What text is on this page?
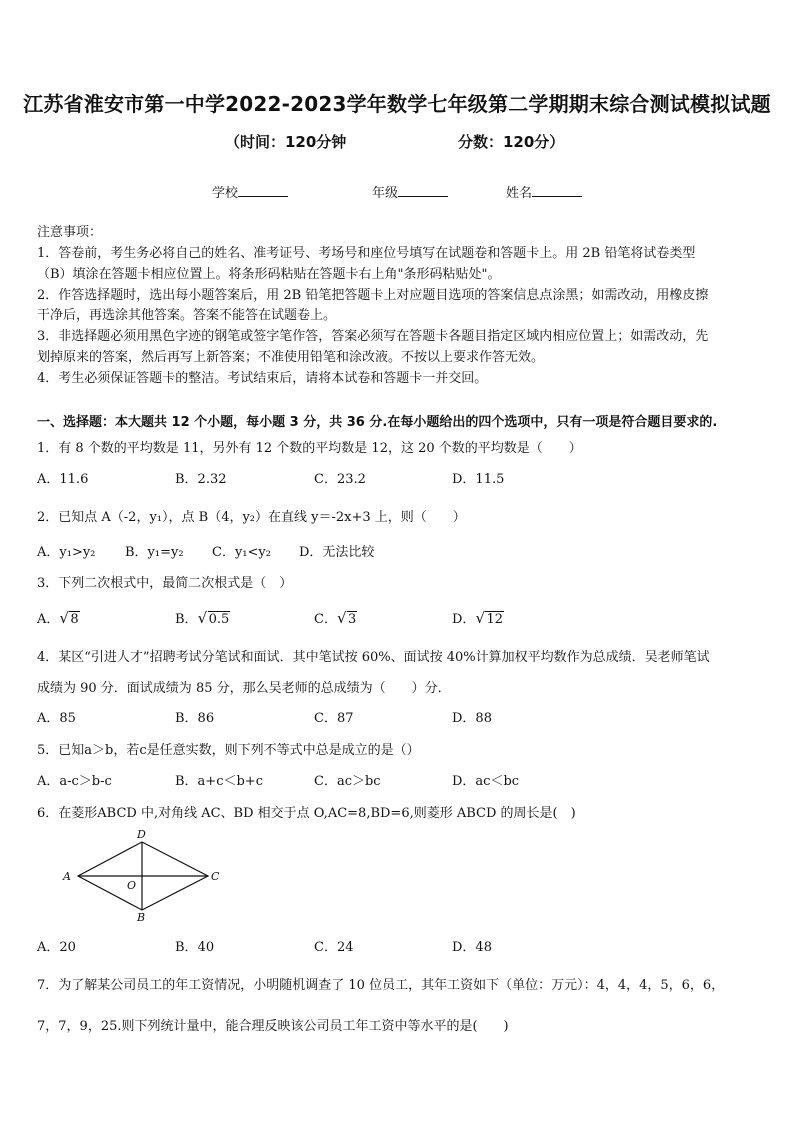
江苏省淮安市第一中学2022-2023学年数学七年级第二学期期末综合测试模拟试题
（时间：120分钟	分数：120分）
学校	年级	姓名
注意事项：
1．答卷前，考生务必将自己的姓名、准考证号、考场号和座位号填写在试题卷和答题卡上。用 2B 铅笔将试卷类型
（B）填涂在答题卡相应位置上。将条形码粘贴在答题卡右上角"条形码粘贴处"。
2．作答选择题时，选出每小题答案后，用 2B 铅笔把答题卡上对应题目选项的答案信息点涂黑；如需改动，用橡皮擦
干净后，再选涂其他答案。答案不能答在试题卷上。
3．非选择题必须用黑色字迹的钢笔或签字笔作答，答案必须写在答题卡各题目指定区域内相应位置上；如需改动，先
划掉原来的答案，然后再写上新答案；不准使用铅笔和涂改液。不按以上要求作答无效。
4．考生必须保证答题卡的整洁。考试结束后，请将本试卷和答题卡一并交回。
一、选择题：本大题共 12 个小题，每小题 3 分，共 36 分.在每小题给出的四个选项中，只有一项是符合题目要求的.
1．有 8 个数的平均数是 11，另外有 12 个数的平均数是 12，这 20 个数的平均数是（　　）
A．11.6	B．2.32	C．23.2	D．11.5
2．已知点 A（-2，y₁），点 B（4，y₂）在直线 y＝-2x+3 上，则（　　）
A．y₁>y₂ B．y₁=y₂ C．y₁<y₂ D．无法比较
3．下列二次根式中，最简二次根式是（　）
A． √ 8	B． √ 0.5	C． √ 3	D． √ 12
4．某区“引进人才”招聘考试分笔试和面试．其中笔试按 60%、面试按 40%计算加权平均数作为总成绩．吴老师笔试
成绩为 90 分．面试成绩为 85 分，那么吴老师的总成绩为（　　）分．
A．85	B．86	C．87	D．88
5．已知a＞b，若c是任意实数，则下列不等式中总是成立的是（）
A．a-c＞b-c	B．a+c＜b+c	C．ac＞bc	D．ac＜bc
6．在菱形ABCD 中,对角线 AC、BD 相交于点 O,AC=8,BD=6,则菱形 ABCD 的周长是(　)
D
A
O
C
B
A．20	B．40	C．24	D．48
7．为了解某公司员工的年工资情况，小明随机调查了 10 位员工，其年工资如下（单位：万元）：4，4，4，5，6，6，
7，7，9，25.则下列统计量中，能合理反映该公司员工年工资中等水平的是(　　)
